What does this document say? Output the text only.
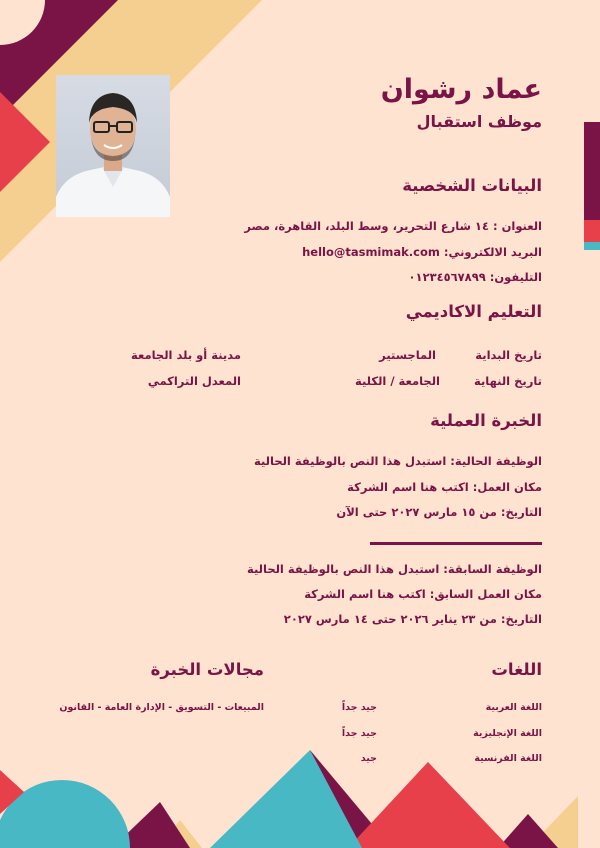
عماد رشوان
موظف استقبال
البيانات الشخصية
العنوان : ١٤ شارع التحرير، وسط البلد، القاهرة، مصر
البريد الالكتروني: hello@tasmimak.com
التليفون: ٠١٢٣٤٥٦٧٨٩٩
التعليم الاكاديمي
تاريخ البداية
الماجستير
مدينة أو بلد الجامعة
تاريخ النهاية
الجامعة / الكلية
المعدل التراكمي
الخبرة العملية
الوظيفة الحالية: استبدل هذا النص بالوظيفة الحالية
مكان العمل: اكتب هنا اسم الشركة
التاريخ: من ١٥ مارس ٢٠٢٧ حتى الآن
الوظيفة السابقة: استبدل هذا النص بالوظيفة الحالية
مكان العمل السابق: اكتب هنا اسم الشركة
التاريخ: من ٢٣ يناير ٢٠٢٦ حتى ١٤ مارس ٢٠٢٧
اللغات
اللغة العربية
جيد جداً
اللغة الإنجليزية
جيد جداً
اللغة الفرنسية
جيد
مجالات الخبرة
المبيعات - التسويق - الإدارة العامة - القانون
